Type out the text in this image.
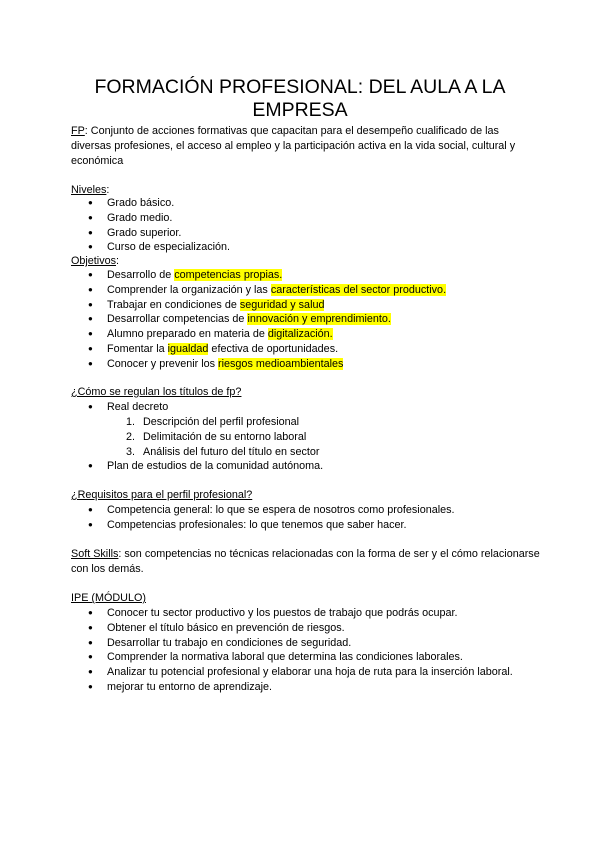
FORMACIÓN PROFESIONAL: DEL AULA A LA EMPRESA

FP: Conjunto de acciones formativas que capacitan para el desempeño cualificado de las diversas profesiones, el acceso al empleo y la participación activa en la vida social, cultural y económica

Niveles:

● Grado básico.
● Grado medio.
● Grado superior.
● Curso de especialización.

Objetivos:

● Desarrollo de competencias propias.
● Comprender la organización y las características del sector productivo.
● Trabajar en condiciones de seguridad y salud
● Desarrollar competencias de innovación y emprendimiento.
● Alumno preparado en materia de digitalización.
● Fomentar la igualdad efectiva de oportunidades.
● Conocer y prevenir los riesgos medioambientales

¿Cómo se regulan los títulos de fp?

● Real decreto
1. Descripción del perfil profesional
2. Delimitación de su entorno laboral
3. Análisis del futuro del título en sector
● Plan de estudios de la comunidad autónoma.

¿Requisitos para el perfil profesional?

● Competencia general: lo que se espera de nosotros como profesionales.
● Competencias profesionales: lo que tenemos que saber hacer.

Soft Skills: son competencias no técnicas relacionadas con la forma de ser y el cómo relacionarse con los demás.

IPE (MÓDULO)

● Conocer tu sector productivo y los puestos de trabajo que podrás ocupar.
● Obtener el título básico en prevención de riesgos.
● Desarrollar tu trabajo en condiciones de seguridad.
● Comprender la normativa laboral que determina las condiciones laborales.
● Analizar tu potencial profesional y elaborar una hoja de ruta para la inserción laboral.
● mejorar tu entorno de aprendizaje.
